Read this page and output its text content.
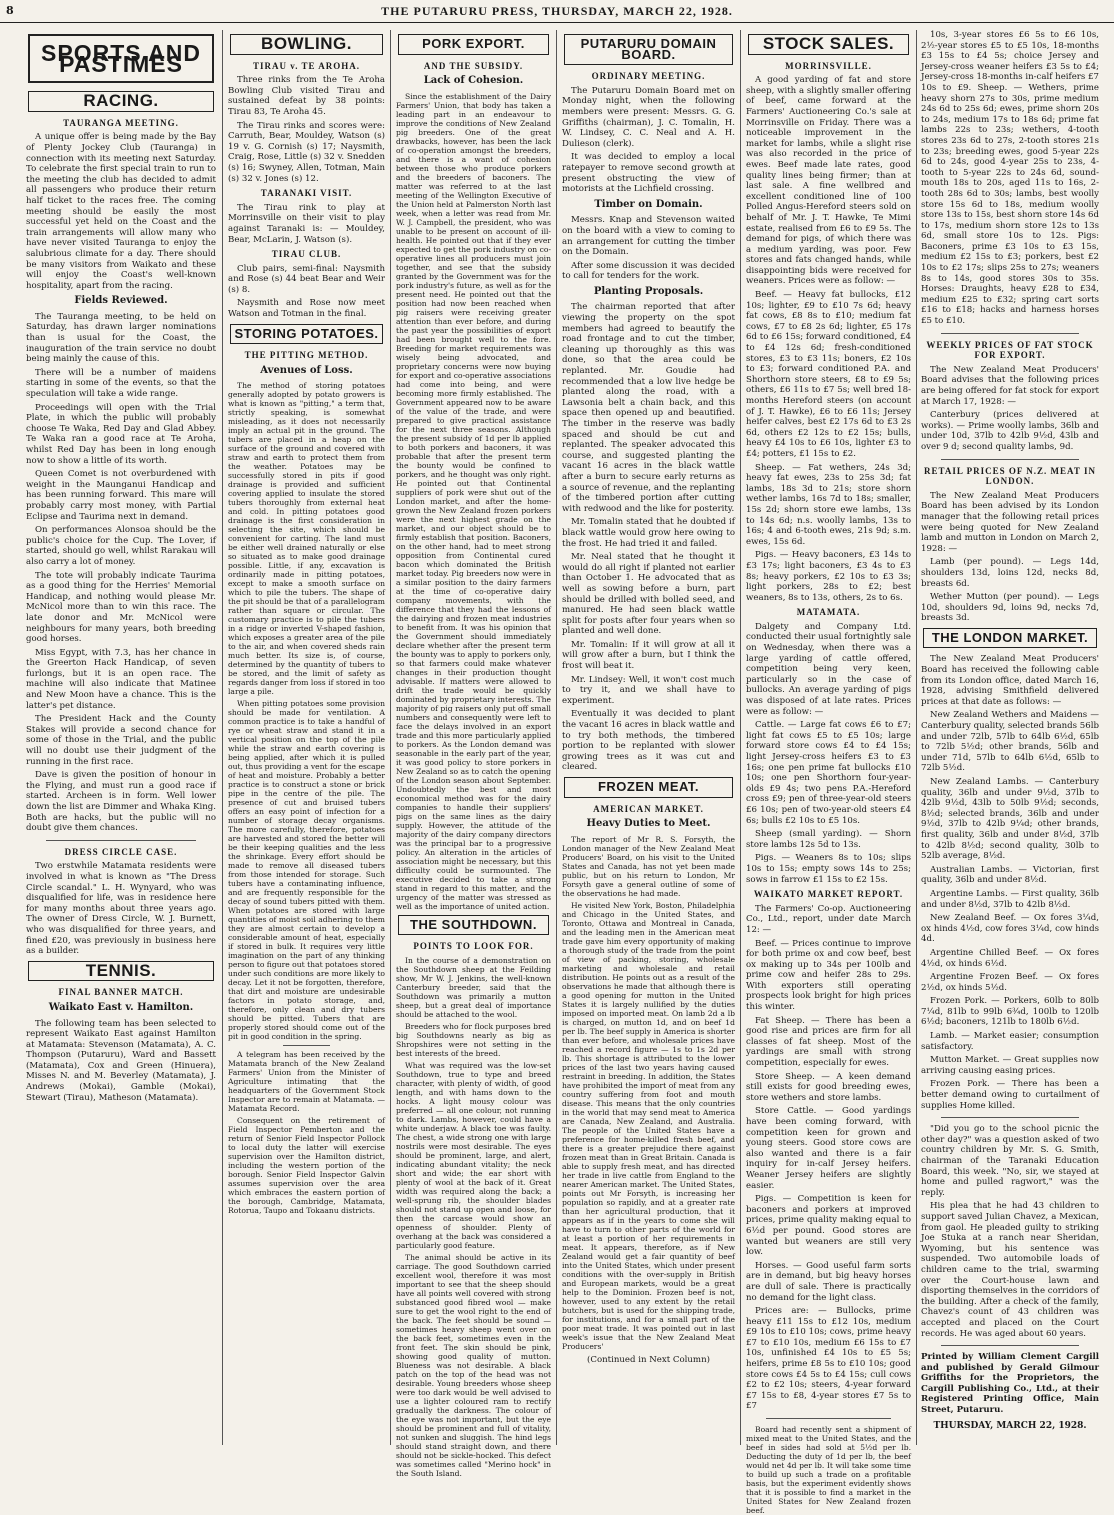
8	THE PUTARURU PRESS, THURSDAY, MARCH 22, 1928.
SPORTS AND PASTIMES
RACING.
TAURANGA MEETING.

A unique offer is being made by the Bay of Plenty Jockey Club (Tauranga) in connection with its meeting next Saturday. To celebrate the first special train to run to the meeting the club has decided to admit all passengers who produce their return half ticket to the races free. The coming meeting should be easily the most successful yet held on the Coast and the train arrangements will allow many who have never visited Tauranga to enjoy the salubrious climate for a day. There should be many visitors from Waikato and these will enjoy the Coast's well-known hospitality, apart from the racing.

Fields Reviewed.

The Tauranga meeting, to be held on Saturday, has drawn larger nominations than is usual for the Coast, the inauguration of the train service no doubt being mainly the cause of this.

There will be a number of maidens starting in some of the events, so that the speculation will take a wide range.

Proceedings will open with the Trial Plate, in which the public will probably choose Te Waka, Red Day and Glad Abbey. Te Waka ran a good race at Te Aroha, whilst Red Day has been in long enough now to show a little of its worth.

Queen Comet is not overburdened with weight in the Maunganui Handicap and has been running forward. This mare will probably carry most money, with Partial Eclipse and Taurima next in demand.

On performances Alonsoa should be the public's choice for the Cup. The Lover, if started, should go well, whilst Rarakau will also carry a lot of money.

The tote will probably indicate Taurima as a good thing for the Herries' Memorial Handicap, and nothing would please Mr. McNicol more than to win this race. The late donor and Mr. McNicol were neighbours for many years, both breeding good horses.

Miss Egypt, with 7.3, has her chance in the Greerton Hack Handicap, of seven furlongs, but it is an open race. The machine will also indicate that Matinee and New Moon have a chance. This is the latter's pet distance.

The President Hack and the County Stakes will provide a second chance for some of those in the Trial, and the public will no doubt use their judgment of the running in the first race.

Dave is given the position of honour in the Flying, and must run a good race if started. Archeen is in form. Well lower down the list are Dimmer and Whaka King. Both are hacks, but the public will no doubt give them chances.

DRESS CIRCLE CASE.

Two erstwhile Matamata residents were involved in what is known as "The Dress Circle scandal." L. H. Wynyard, who was disqualified for life, was in residence here for many months about three years ago. The owner of Dress Circle, W. J. Burnett, who was disqualified for three years, and fined £20, was previously in business here as a builder.

TENNIS.
FINAL BANNER MATCH.
Waikato East v. Hamilton.

The following team has been selected to represent Waikato East against Hamilton at Matamata: Stevenson (Matamata), A. C. Thompson (Putaruru), Ward and Bassett (Matamata), Cox and Green (Hinuera), Misses N. and M. Beverley (Matamata), J. Andrews (Mokai), Gamble (Mokai), Stewart (Tirau), Matheson (Matamata).

BOWLING.
TIRAU v. TE AROHA.

Three rinks from the Te Aroha Bowling Club visited Tirau and sustained defeat by 38 points: Tirau 83, Te Aroha 45.

The Tirau rinks and scores were: Carruth, Bear, Mouldey, Watson (s) 19 v. G. Cornish (s) 17; Naysmith, Craig, Rose, Little (s) 32 v. Snedden (s) 16; Swyney, Allen, Totman, Main (s) 32 v. Jones (s) 12.

TARANAKI VISIT.

The Tirau rink to play at Morrinsville on their visit to play against Taranaki is: — Mouldey, Bear, McLarin, J. Watson (s).

TIRAU CLUB.

Club pairs, semi-final: Naysmith and Rose (s) 44 beat Bear and Weir (s) 8.

Naysmith and Rose now meet Watson and Totman in the final.

STORING POTATOES.
THE PITTING METHOD.
Avenues of Loss.

The method of storing potatoes generally adopted by potato growers is what is known as "pitting," a term that, strictly speaking, is somewhat misleading, as it does not necessarily imply an actual pit in the ground. The tubers are placed in a heap on the surface of the ground and covered with straw and earth to protect them from the weather. Potatoes may be successfully stored in pits if good drainage is provided and sufficient covering applied to insulate the stored tubers thoroughly from external heat and cold. In pitting potatoes good drainage is the first consideration in selecting the site, which should be convenient for carting. The land must be either well drained naturally or else so situated as to make good drainage possible. Little, if any, excavation is ordinarily made in pitting potatoes, except to make a smooth surface on which to pile the tubers. The shape of the pit should be that of a parallelogram rather than square or circular. The customary practice is to pile the tubers in a ridge or inverted V-shaped fashion, which exposes a greater area of the pile to the air, and when covered sheds rain much better. Its size is, of course, determined by the quantity of tubers to be stored, and the limit of safety as regards danger from loss if stored in too large a pile.

When pitting potatoes some provision should be made for ventilation. A common practice is to take a handful of rye or wheat straw and stand it in a vertical position on the top of the pile while the straw and earth covering is being applied, after which it is pulled out, thus providing a vent for the escape of heat and moisture. Probably a better practice is to construct a stone or brick pipe in the centre of the pile. The presence of cut and bruised tubers offers an easy point of infection for a number of storage decay organisms. The more carefully, therefore, potatoes are harvested and stored the better will be their keeping qualities and the less the shrinkage. Every effort should be made to remove all diseased tubers from those intended for storage. Such tubers have a contaminating influence, and are frequently responsible for the decay of sound tubers pitted with them. When potatoes are stored with large quantities of moist soil adhering to them they are almost certain to develop a considerable amount of heat, especially if stored in bulk. It requires very little imagination on the part of any thinking person to figure out that potatoes stored under such conditions are more likely to decay. Let it not be forgotten, therefore, that dirt and moisture are undesirable factors in potato storage, and, therefore, only clean and dry tubers should be pitted. Tubers that are properly stored should come out of the pit in good condition in the spring.

A telegram has been received by the Matamata branch of the New Zealand Farmers' Union from the Minister of Agriculture intimating that the headquarters of the Government Stock Inspector are to remain at Matamata. — Matamata Record.

Consequent on the retirement of Field Inspector Pemberton and the return of Senior Field Inspector Pollock to local duty the latter will exercise supervision over the Hamilton district, including the western portion of the borough. Senior Field Inspector Galvin assumes supervision over the area which embraces the eastern portion of the borough, Cambridge, Matamata, Rotorua, Taupo and Tokaanu districts.

PORK EXPORT.
AND THE SUBSIDY.
Lack of Cohesion.

Since the establishment of the Dairy Farmers' Union, that body has taken a leading part in an endeavour to improve the conditions of New Zealand pig breeders. One of the great drawbacks, however, has been the lack of co-operation amongst the breeders, and there is a want of cohesion between those who produce porkers and the breeders of baconers. The matter was referred to at the last meeting of the Wellington Executive of the Union held at Palmerston North last week, when a letter was read from Mr. W. J. Campbell, the president, who was unable to be present on account of ill-health. He pointed out that if they ever expected to get the pork industry on co-operative lines all producers must join together, and see that the subsidy granted by the Government was for the pork industry's future, as well as for the present need. He pointed out that the position had now been reached when pig raisers were receiving greater attention than ever before, and during the past year the possibilities of export had been brought well to the fore. Breeding for market requirements was wisely being advocated, and proprietary concerns were now buying for export and co-operative associations had come into being, and were becoming more firmly established. The Government appeared now to be aware of the value of the trade, and were prepared to give practical assistance for the next three seasons. Although the present subsidy of 1d per lb applied to both porkers and baconers, it was probable that after the present term the bounty would be confined to porkers, and he thought was only right. He pointed out that Continental suppliers of pork were shut out of the London market, and after the home-grown the New Zealand frozen porkers were the next highest grade on the market, and our object should be to firmly establish that position. Baconers, on the other hand, had to meet strong opposition from Continental cured bacon which dominated the British market today. Pig breeders now were in a similar position to the dairy farmers at the time of co-operative dairy company movements, with the difference that they had the lessons of the dairying and frozen meat industries to benefit from. It was his opinion that the Government should immediately declare whether after the present term the bounty was to apply to porkers only, so that farmers could make whatever changes in their production thought advisable. If matters were allowed to drift the trade would be quickly dominated by proprietary interests. The majority of pig raisers only put off small numbers and consequently were left to face the delays involved in an export trade and this more particularly applied to porkers. As the London demand was seasonable in the early part of the year, it was good policy to store porkers in New Zealand so as to catch the opening of the London season about September. Undoubtedly the best and most economical method was for the dairy companies to handle their suppliers' pigs on the same lines as the dairy supply. However, the attitude of the majority of the dairy company directors was the principal bar to a progressive policy. An alteration in the articles of association might be necessary, but this difficulty could be surmounted. The executive decided to take a strong stand in regard to this matter, and the urgency of the matter was stressed as well as the importance of united action.

THE SOUTHDOWN.
POINTS TO LOOK FOR.

In the course of a demonstration on the Southdown sheep at the Feilding show, Mr W. J. Jenkins, the well-known Canterbury breeder, said that the Southdown was primarily a mutton sheep, but a great deal of importance should be attached to the wool.

Breeders who for flock purposes bred big Southdowns nearly as big as Shropshires were not setting in the best interests of the breed.

What was required was the low-set Southdown, true to type and breed character, with plenty of width, of good length, and with hams down to the hocks. A light mousy colour was preferred — all one colour, not running to dark. Lambs, however, could have a white underjaw. A black toe was faulty. The chest, a wide strong one with large nostrils were most desirable. The eyes should be prominent, large, and alert, indicating abundant vitality; the neck short and wide; the ear short with plenty of wool at the back of it. Great width was required along the back; a well-sprung rib, the shoulder blades should not stand up open and loose, for then the carcase would show an openness of shoulder. Plenty of overhang at the back was considered a particularly good feature.

The animal should be active in its carriage. The good Southdown carried excellent wool, therefore it was most important to see that the sheep should have all points well covered with strong substanced good fibred wool — make sure to get the wool right to the end of the back. The feet should be sound — sometimes heavy sheep went over on the back feet, sometimes even in the front feet. The skin should be pink, showing good quality of mutton. Blueness was not desirable. A black patch on the top of the head was not desirable. Young breeders whose sheep were too dark would be well advised to use a lighter coloured ram to rectify gradually the darkness. The colour of the eye was not important, but the eye should be prominent and full of vitality, not sunken and sluggish. The hind legs should stand straight down, and there should not be sickle-hocked. This defect was sometimes called "Merino hock" in the South Island.

PUTARURU DOMAIN BOARD.
ORDINARY MEETING.

The Putaruru Domain Board met on Monday night, when the following members were present: Messrs. G. G. Griffiths (chairman), J. C. Tomalin, H. W. Lindsey, C. C. Neal and A. H. Dulieson (clerk).

It was decided to employ a local ratepayer to remove second growth at present obstructing the view of motorists at the Lichfield crossing.

Timber on Domain.

Messrs. Knap and Stevenson waited on the board with a view to coming to an arrangement for cutting the timber on the Domain.

After some discussion it was decided to call for tenders for the work.

Planting Proposals.

The chairman reported that after viewing the property on the spot members had agreed to beautify the road frontage and to cut the timber, cleaning up thoroughly as this was done, so that the area could be replanted. Mr. Goudie had recommended that a low live hedge be planted along the road, with a Lawsonia belt a chain back, and this space then opened up and beautified. The timber in the reserve was badly spaced and should be cut and replanted. The speaker advocated this course, and suggested planting the vacant 16 acres in the black wattle after a burn to secure early returns as a source of revenue, and the replanting of the timbered portion after cutting with redwood and the like for posterity.

Mr. Tomalin stated that he doubted if black wattle would grow here owing to the frost. He had tried it and failed.

Mr. Neal stated that he thought it would do all right if planted not earlier than October 1. He advocated that as well as sowing before a burn, part should be drilled with bolled seed, and manured. He had seen black wattle split for posts after four years when so planted and well done.

Mr. Tomalin: If it will grow at all it will grow after a burn, but I think the frost will beat it.

Mr. Lindsey: Well, it won't cost much to try it, and we shall have to experiment.

Eventually it was decided to plant the vacant 16 acres in black wattle and to try both methods, the timbered portion to be replanted with slower growing trees as it was cut and cleared.

FROZEN MEAT.
AMERICAN MARKET.
Heavy Duties to Meet.

The report of Mr R. S. Forsyth, the London manager of the New Zealand Meat Producers' Board, on his visit to the United States and Canada, has not yet been made public, but on his return to London, Mr Forsyth gave a general outline of some of the observations he had made.

He visited New York, Boston, Philadelphia and Chicago in the United States, and Toronto, Ottawa and Montreal in Canada, and the leading men in the American meat trade gave him every opportunity of making a thorough study of the trade from the point of view of packing, storing, wholesale marketing and wholesale and retail distribution. He points out as a result of the observations he made that although there is a good opening for mutton in the United States it is largely nullified by the duties imposed on imported meat. On lamb 2d a lb is charged, on mutton 1d, and on beef 1d per lb. The beef supply in America is shorter than ever before, and wholesale prices have reached a record figure — 1s to 1s 2d per lb. This shortage is attributed to the lower prices of the last two years having caused restraint in breeding. In addition, the States have prohibited the import of meat from any country suffering from foot and mouth disease. This means that the only countries in the world that may send meat to America are Canada, New Zealand, and Australia. The people of the United States have a preference for home-killed fresh beef, and there is a greater prejudice there against frozen meat than in Great Britain. Canada is able to supply fresh meat, and has directed her trade in live cattle from England to the nearer American market. The United States, points out Mr Forsyth, is increasing her population so rapidly, and at a greater rate than her agricultural production, that it appears as if in the years to come she will have to turn to other parts of the world for at least a portion of her requirements in meat. It appears, therefore, as if New Zealand would get a fair quantity of beef into the United States, which under present conditions with the over-supply in British and European markets, would be a great help to the Dominion. Frozen beef is not, however, used to any extent by the retail butchers, but is used for the shipping trade, for institutions, and for a small part of the poor meat trade. It was pointed out in last week's issue that the New Zealand Meat Producers'

(Continued in Next Column)
STOCK SALES.
MORRINSVILLE.

A good yarding of fat and store sheep, with a slightly smaller offering of beef, came forward at the Farmers' Auctioneering Co.'s sale at Morrinsville on Friday. There was a noticeable improvement in the market for lambs, while a slight rise was also recorded in the price of ewes. Beef made late rates, good quality lines being firmer; than at last sale. A fine wellbred and excellent conditioned line of 100 Polled Angus-Hereford steers sold on behalf of Mr. J. T. Hawke, Te Mimi estate, realised from £6 to £9 5s. The demand for pigs, of which there was a medium yarding, was poor. Few stores and fats changed hands, while disappointing bids were received for weaners. Prices were as follow: —

Beef. — Heavy fat bullocks, £12 10s; lighter, £9 to £10 7s 6d; heavy fat cows, £8 8s to £10; medium fat cows, £7 to £8 2s 6d; lighter, £5 17s 6d to £6 15s; forward conditioned, £4 to £4 12s 6d; fresh-conditioned stores, £3 to £3 11s; boners, £2 10s to £3; forward conditioned P.A. and Shorthorn store steers, £8 to £9 5s; others, £6 11s to £7 5s; well bred 18-months Hereford steers (on account of J. T. Hawke), £6 to £6 11s; Jersey heifer calves, best £2 17s 6d to £3 2s 6d, others £2 12s to £2 15s; bulls, heavy £4 10s to £6 10s, lighter £3 to £4; potters, £1 15s to £2.

Sheep. — Fat wethers, 24s 3d; heavy fat ewes, 23s to 25s 3d; fat lambs, 18s 3d to 21s; store shorn wether lambs, 16s 7d to 18s; smaller, 15s 2d; shorn store ewe lambs, 13s to 14s 6d; n.s. woolly lambs, 13s to 16s; 4 and 6-tooth ewes, 21s 9d; s.m. ewes, 15s 6d.

Pigs. — Heavy baconers, £3 14s to £3 17s; light baconers, £3 4s to £3 8s; heavy porkers, £2 10s to £3 3s; light porkers, 28s to £2; best weaners, 8s to 13s, others, 2s to 6s.

MATAMATA.

Dalgety and Company Ltd. conducted their usual fortnightly sale on Wednesday, when there was a large yarding of cattle offered, competition being very keen, particularly so in the case of bullocks. An average yarding of pigs was disposed of at late rates. Prices were as follow: —

Cattle. — Large fat cows £6 to £7; light fat cows £5 to £5 10s; large forward store cows £4 to £4 15s; light Jersey-cross heifers £3 to £3 16s; one pen prime fat bullocks £10 10s; one pen Shorthorn four-year-olds £9 4s; two pens P.A.-Hereford cross £9; pen of three-year-old steers £6 10s; pen of two-year-old steers £4 6s; bulls £2 10s to £5 10s.

Sheep (small yarding). — Shorn store lambs 12s 5d to 13s.

Pigs. — Weaners 8s to 10s; slips 10s to 15s; empty sows 14s to 25s; sows in farrow £1 15s to £2 15s.

WAIKATO MARKET REPORT.

The Farmers' Co-op. Auctioneering Co., Ltd., report, under date March 12: —

Beef. — Prices continue to improve for both prime ox and cow beef, best ox making up to 34s per 100lb and prime cow and heifer 28s to 29s. With exporters still operating prospects look bright for high prices this winter.

Fat Sheep. — There has been a good rise and prices are firm for all classes of fat sheep. Most of the yardings are small with strong competition, especially for ewes.

Store Sheep. — A keen demand still exists for good breeding ewes, store wethers and store lambs.

Store Cattle. — Good yardings have been coming forward, with competition keen for grown and young steers. Good store cows are also wanted and there is a fair inquiry for in-calf Jersey heifers. Weaner Jersey heifers are slightly easier.

Pigs. — Competition is keen for baconers and porkers at improved prices, prime quality making equal to 6½d per pound. Good stores are wanted but weaners are still very low.

Horses. — Good useful farm sorts are in demand, but big heavy horses are dull of sale. There is practically no demand for the light class.

Prices are: — Bullocks, prime heavy £11 15s to £12 10s, medium £9 10s to £10 10s; cows, prime heavy £7 to £10 10s, medium £6 15s to £7 10s, unfinished £4 10s to £5 5s; heifers, prime £8 5s to £10 10s; good store cows £4 5s to £4 15s; cull cows £2 to £2 10s; steers, 4-year forward £7 15s to £8, 4-year stores £7 5s to £7

Board had recently sent a shipment of mixed meat to the United States, and the beef in sides had sold at 5½d per lb. Deducting the duty of 1d per lb, the beef would net 4d per lb. It will take some time to build up such a trade on a profitable basis, but the experiment evidently shows that it is possible to find a market in the United States for New Zealand frozen beef.

10s, 3-year stores £6 5s to £6 10s, 2½-year stores £5 to £5 10s, 18-months £3 15s to £4 5s; choice Jersey and Jersey-cross weaner heifers £3 5s to £4; Jersey-cross 18-months in-calf heifers £7 10s to £9. Sheep. — Wethers, prime heavy shorn 27s to 30s, prime medium 24s 6d to 25s 6d; ewes, prime shorn 20s to 24s, medium 17s to 18s 6d; prime fat lambs 22s to 23s; wethers, 4-tooth stores 23s 6d to 27s, 2-tooth stores 21s to 23s; breeding ewes, good 5-year 22s 6d to 24s, good 4-year 25s to 23s, 4-tooth to 5-year 22s to 24s 6d, sound-mouth 18s to 20s, aged 11s to 16s, 2-tooth 28s 6d to 30s; lambs, best woolly store 15s 6d to 18s, medium woolly store 13s to 15s, best shorn store 14s 6d to 17s, medium shorn store 12s to 13s 6d, small store 10s to 12s. Pigs: Baconers, prime £3 10s to £3 15s, medium £2 15s to £3; porkers, best £2 10s to £2 17s; slips 25s to 27s; weaners 8s to 14s, good stores 30s to 35s. Horses: Draughts, heavy £28 to £34, medium £25 to £32; spring cart sorts £16 to £18; hacks and harness horses £5 to £10.

WEEKLY PRICES OF FAT STOCK FOR EXPORT.

The New Zealand Meat Producers' Board advises that the following prices are being offered for fat stock for export at March 17, 1928: —

Canterbury (prices delivered at works). — Prime woolly lambs, 36lb and under 10d, 37lb to 42lb 9½d, 43lb and over 9 d; second quality lambs, 9d.

RETAIL PRICES OF N.Z. MEAT IN LONDON.

The New Zealand Meat Producers Board has been advised by its London manager that the following retail prices were being quoted for New Zealand lamb and mutton in London on March 2, 1928: —

Lamb (per pound). — Legs 14d, shoulders 13d, loins 12d, necks 8d, breasts 6d.

Wether Mutton (per pound). — Legs 10d, shoulders 9d, loins 9d, necks 7d, breasts 3d.

THE LONDON MARKET.

The New Zealand Meat Producers' Board has received the following cable from its London office, dated March 16, 1928, advising Smithfield delivered prices at that date as follows: —

New Zealand Wethers and Maidens — Canterbury quality, selected brands 56lb and under 72lb, 57lb to 64lb 6½d, 65lb to 72lb 5½d; other brands, 56lb and under 71d, 57lb to 64lb 6½d, 65lb to 72lb 5½d.

New Zealand Lambs. — Canterbury quality, 36lb and under 9½d, 37lb to 42lb 9½d, 43lb to 50lb 9½d; seconds, 8½d; selected brands, 36lb and under 9½d, 37lb to 42lb 9¼d; other brands, first quality, 36lb and under 8½d, 37lb to 42lb 8½d; second quality, 30lb to 52lb average, 8½d.

Australian Lambs. — Victorian, first quality, 36lb and under 8½d.

Argentine Lambs. — First quality, 36lb and under 8½d, 37lb to 42lb 8½d.

New Zealand Beef. — Ox fores 3¼d, ox hinds 4½d, cow fores 3¼d, cow hinds 4d.

Argentine Chilled Beef. — Ox fores 4½d, ox hinds 6½d.

Argentine Frozen Beef. — Ox fores 2½d, ox hinds 5½d.

Frozen Pork. — Porkers, 60lb to 80lb 7¼d, 81lb to 99lb 6¾d, 100lb to 120lb 6½d; baconers, 121lb to 180lb 6½d.

Lamb. — Market easier; consumption satisfactory.

Mutton Market. — Great supplies now arriving causing easing prices.

Frozen Pork. — There has been a better demand owing to curtailment of supplies Home killed.

"Did you go to the school picnic the other day?" was a question asked of two country children by Mr. S. G. Smith, chairman of the Taranaki Education Board, this week. "No, sir, we stayed at home and pulled ragwort," was the reply.

His plea that he had 43 children to support saved Julian Chavez, a Mexican, from gaol. He pleaded guilty to striking Joe Stuka at a ranch near Sheridan, Wyoming, but his sentence was suspended. Two automobile loads of children came to the trial, swarming over the Court-house lawn and disporting themselves in the corridors of the building. After a check of the family, Chavez's count of 43 children was accepted and placed on the Court records. He was aged about 60 years.

Printed by William Clement Cargill and published by Gerald Gilmour Griffiths for the Proprietors, the Cargill Publishing Co., Ltd., at their Registered Printing Office, Main Street, Putaruru.
THURSDAY, MARCH 22, 1928.
